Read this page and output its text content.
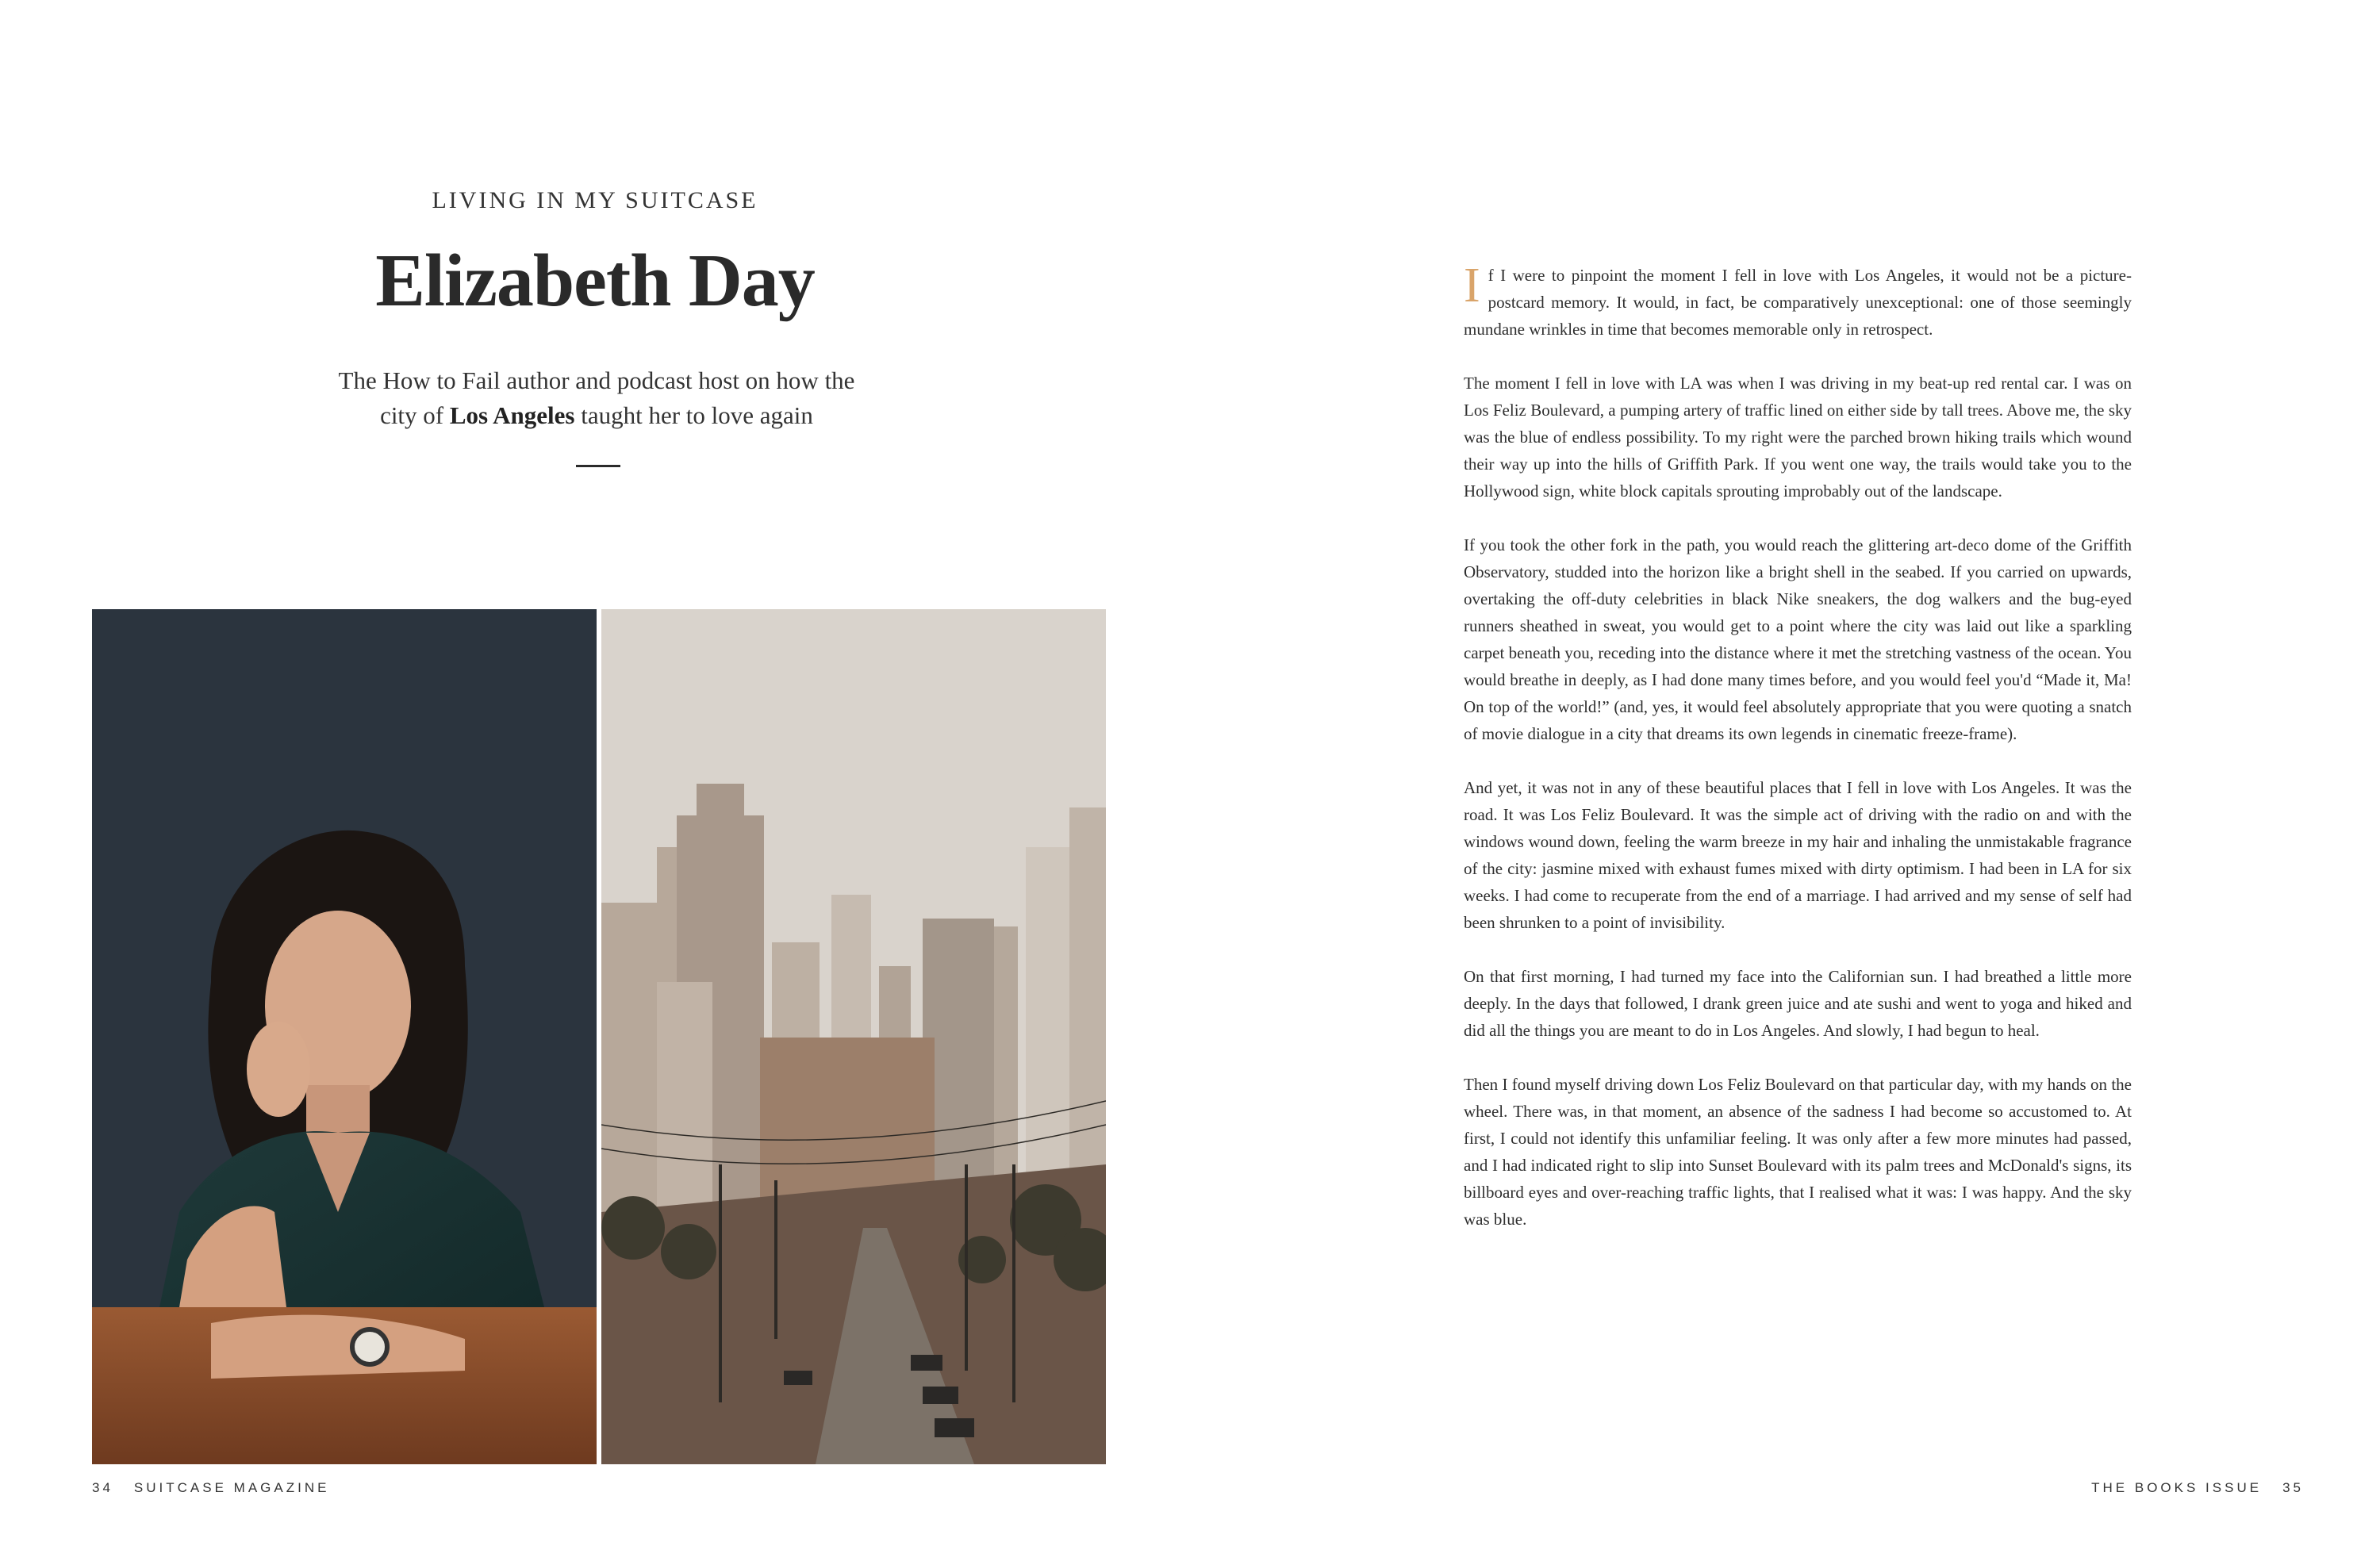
LIVING IN MY SUITCASE
Elizabeth Day
The How to Fail author and podcast host on how the
city of Los Angeles taught her to love again

If I were to pinpoint the moment I fell in love with Los Angeles, it would not be a picture-postcard memory. It would, in fact, be comparatively unexceptional: one of those seemingly mundane wrinkles in time that becomes memorable only in retrospect.

The moment I fell in love with LA was when I was driving in my beat-up red rental car. I was on Los Feliz Boulevard, a pumping artery of traffic lined on either side by tall trees. Above me, the sky was the blue of endless possibility. To my right were the parched brown hiking trails which wound their way up into the hills of Griffith Park. If you went one way, the trails would take you to the Hollywood sign, white block capitals sprouting improbably out of the landscape.

If you took the other fork in the path, you would reach the glittering art-deco dome of the Griffith Observatory, studded into the horizon like a bright shell in the seabed. If you carried on upwards, overtaking the off-duty celebrities in black Nike sneakers, the dog walkers and the bug-eyed runners sheathed in sweat, you would get to a point where the city was laid out like a sparkling carpet beneath you, receding into the distance where it met the stretching vastness of the ocean. You would breathe in deeply, as I had done many times before, and you would feel you'd “Made it, Ma! On top of the world!” (and, yes, it would feel absolutely appropriate that you were quoting a snatch of movie dialogue in a city that dreams its own legends in cinematic freeze-frame).

And yet, it was not in any of these beautiful places that I fell in love with Los Angeles. It was the road. It was Los Feliz Boulevard. It was the simple act of driving with the radio on and with the windows wound down, feeling the warm breeze in my hair and inhaling the unmistakable fragrance of the city: jasmine mixed with exhaust fumes mixed with dirty optimism. I had been in LA for six weeks. I had come to recuperate from the end of a marriage. I had arrived and my sense of self had been shrunken to a point of invisibility.

On that first morning, I had turned my face into the Californian sun. I had breathed a little more deeply. In the days that followed, I drank green juice and ate sushi and went to yoga and hiked and did all the things you are meant to do in Los Angeles. And slowly, I had begun to heal.

Then I found myself driving down Los Feliz Boulevard on that particular day, with my hands on the wheel. There was, in that moment, an absence of the sadness I had become so accustomed to. At first, I could not identify this unfamiliar feeling. It was only after a few more minutes had passed, and I had indicated right to slip into Sunset Boulevard with its palm trees and McDonald's signs, its billboard eyes and over-reaching traffic lights, that I realised what it was: I was happy. And the sky was blue.

34 SUITCASE MAGAZINE	THE BOOKS ISSUE 35
